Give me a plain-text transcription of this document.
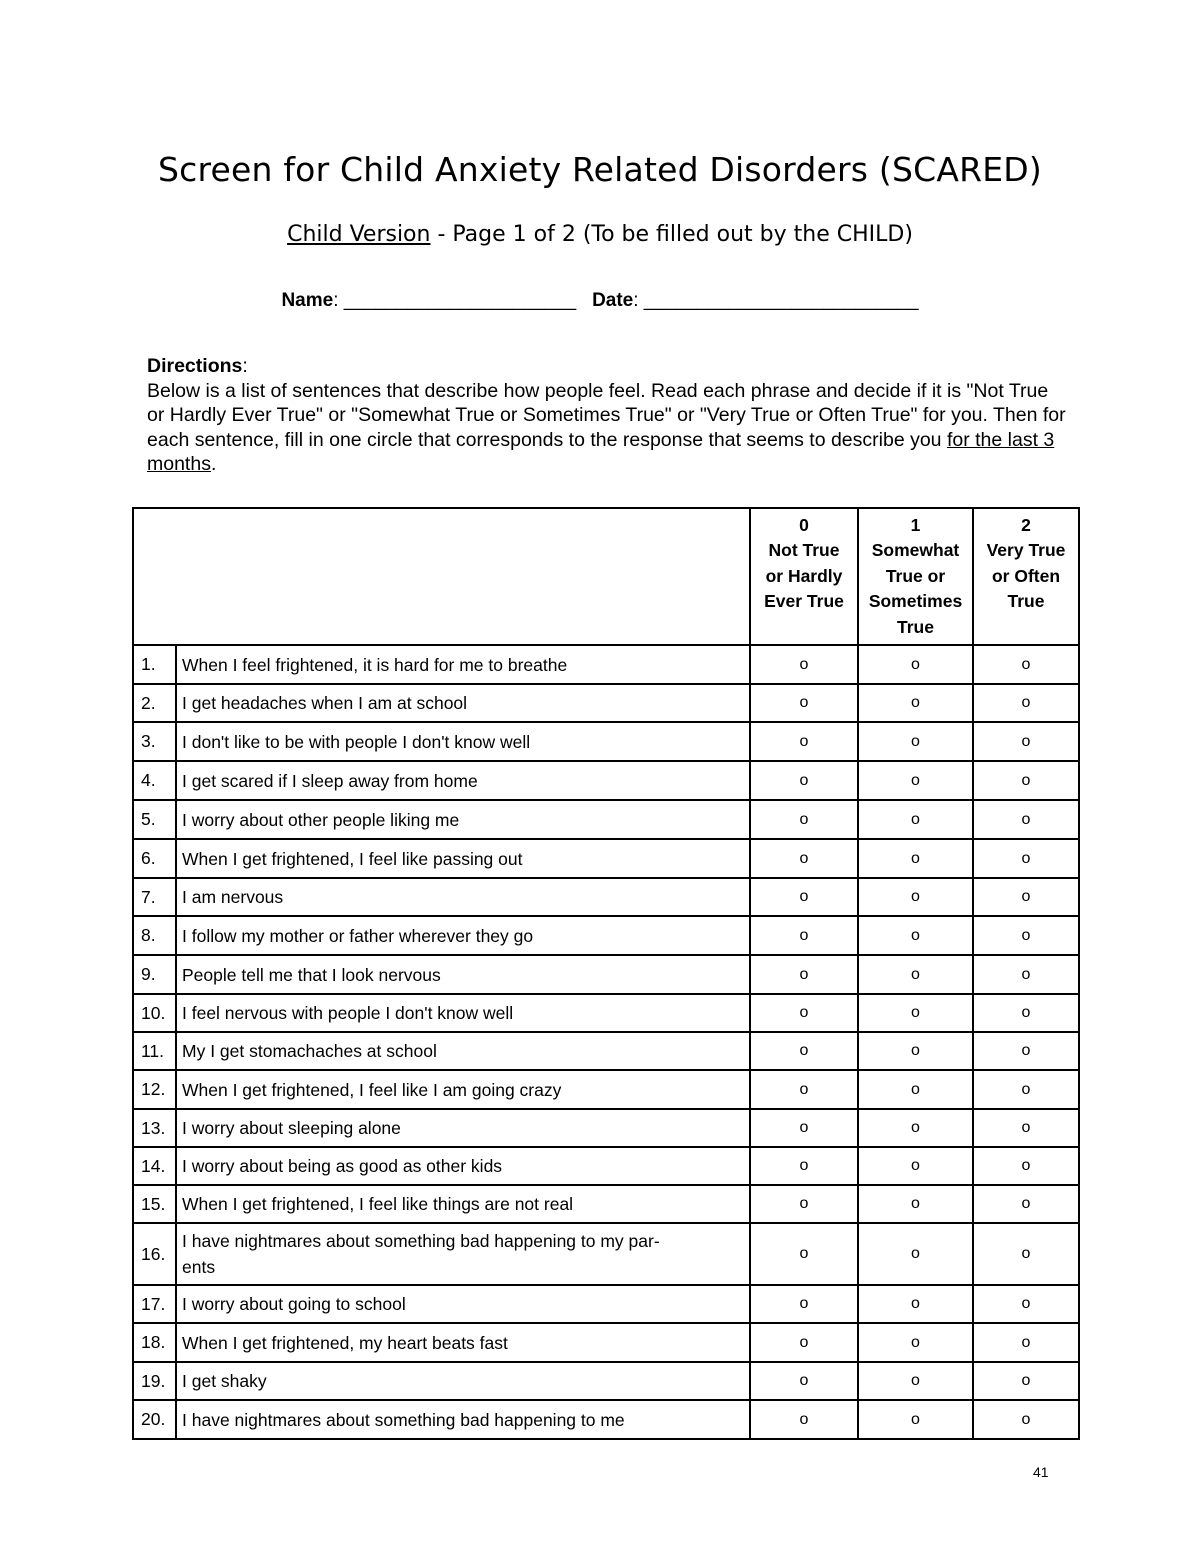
Screen for Child Anxiety Related Disorders (SCARED)
Child Version - Page 1 of 2 (To be filled out by the CHILD)
Name: ______________________   Date: __________________________
Directions:
Below is a list of sentences that describe how people feel. Read each phrase and decide if it is "Not True or Hardly Ever True" or "Somewhat True or Sometimes True" or "Very True or Often True" for you. Then for each sentence, fill in one circle that corresponds to the response that seems to describe you for the last 3 months.
		0
Not True
or Hardly
Ever True	1
Somewhat
True or
Sometimes
True	2
Very True
or Often
True
1.	When I feel frightened, it is hard for me to breathe	o	o	o
2.	I get headaches when I am at school	o	o	o
3.	I don't like to be with people I don't know well	o	o	o
4.	I get scared if I sleep away from home	o	o	o
5.	I worry about other people liking me	o	o	o
6.	When I get frightened, I feel like passing out	o	o	o
7.	I am nervous	o	o	o
8.	I follow my mother or father wherever they go	o	o	o
9.	People tell me that I look nervous	o	o	o
10.	I feel nervous with people I don't know well	o	o	o
11.	My I get stomachaches at school	o	o	o
12.	When I get frightened, I feel like I am going crazy	o	o	o
13.	I worry about sleeping alone	o	o	o
14.	I worry about being as good as other kids	o	o	o
15.	When I get frightened, I feel like things are not real	o	o	o
16.	I have nightmares about something bad happening to my par-
ents	o	o	o
17.	I worry about going to school	o	o	o
18.	When I get frightened, my heart beats fast	o	o	o
19.	I get shaky	o	o	o
20.	I have nightmares about something bad happening to me	o	o	o
41
